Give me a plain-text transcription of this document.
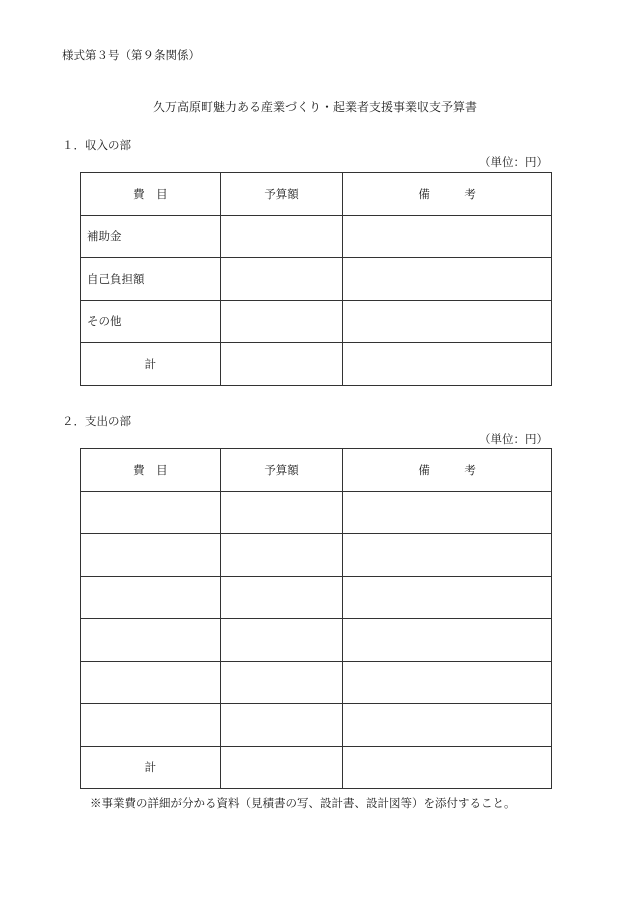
様式第３号（第９条関係）
久万高原町魅力ある産業づくり・起業者支援事業収支予算書
１．収入の部
（単位：円）
費　目	予算額	備　　　考
補助金		
自己負担額		
その他		
計		
２．支出の部
（単位：円）
費　目	予算額	備　　　考

計		
※事業費の詳細が分かる資料（見積書の写、設計書、設計図等）を添付すること。
